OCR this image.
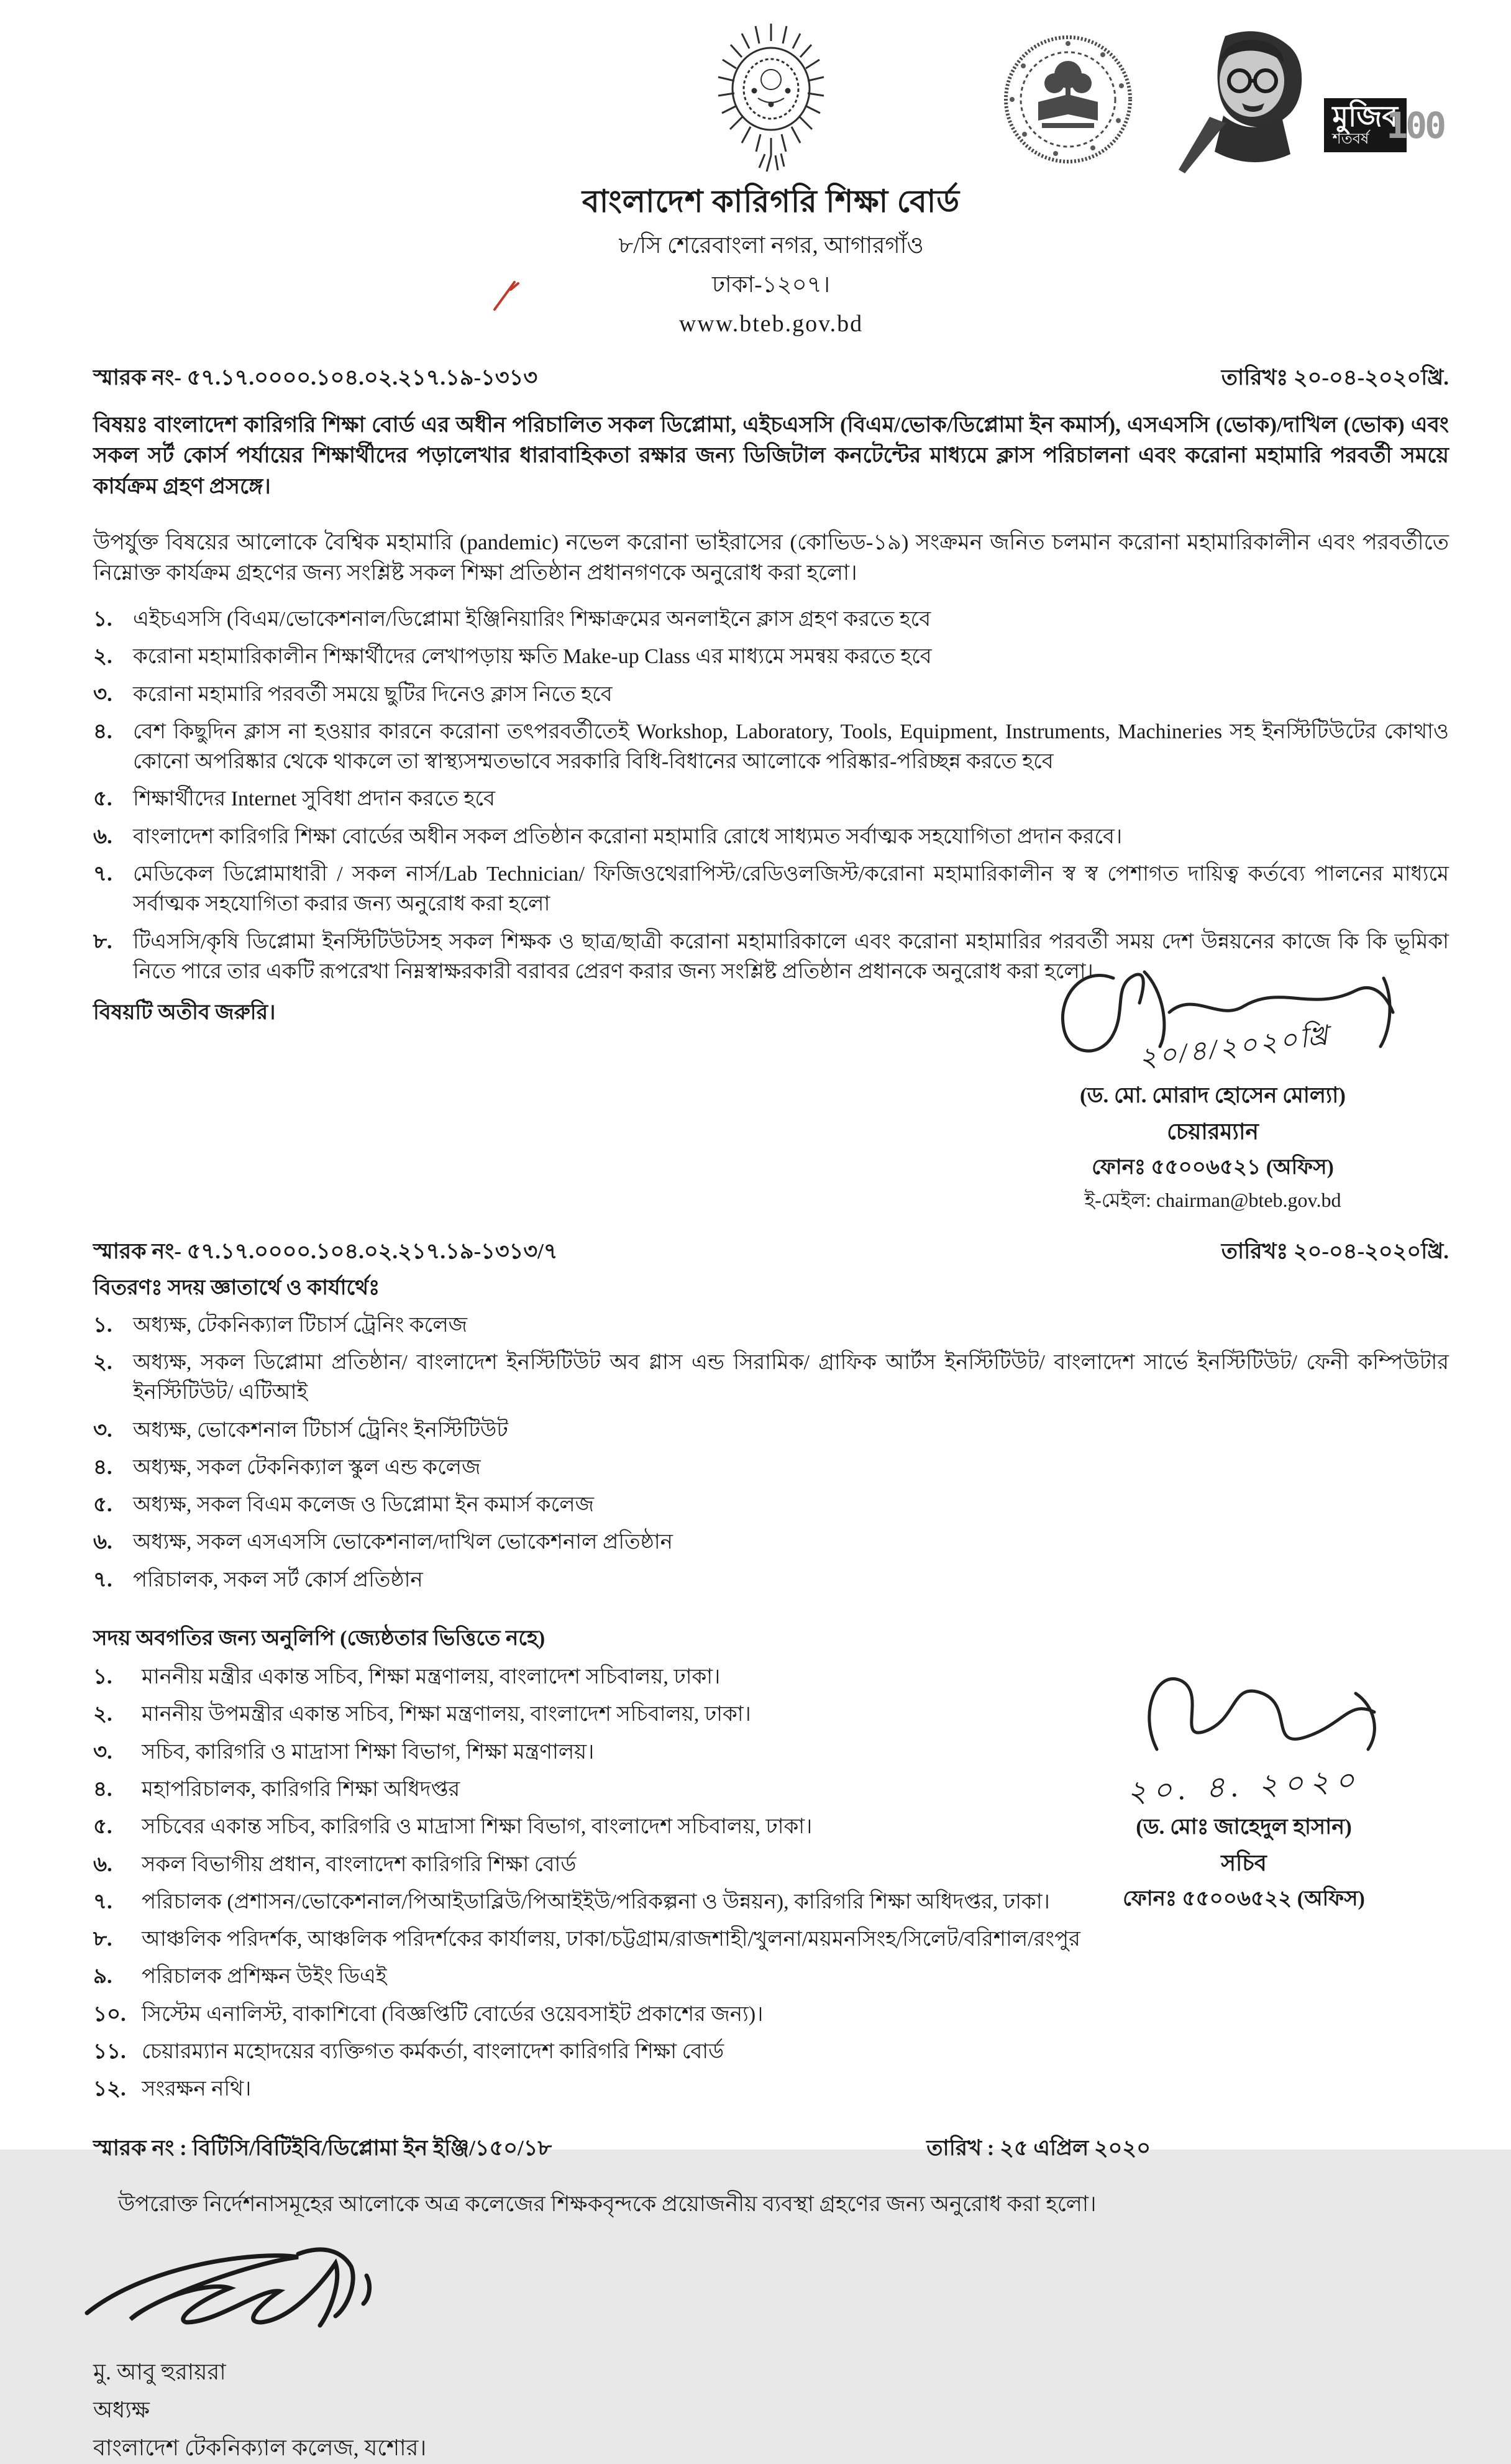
বাংলাদেশ কারিগরি শিক্ষা বোর্ড
৮/সি শেরেবাংলা নগর, আগারগাঁও
ঢাকা-১২০৭।
www.bteb.gov.bd
মুজিব
শতবর্ষ 100
স্মারক নং- ৫৭.১৭.০০০০.১০৪.০২.২১৭.১৯-১৩১৩	তারিখঃ ২০-০৪-২০২০খ্রি.

বিষয়ঃ বাংলাদেশ কারিগরি শিক্ষা বোর্ড এর অধীন পরিচালিত সকল ডিপ্লোমা, এইচএসসি (বিএম/ভোক/ডিপ্লোমা ইন কমার্স), এসএসসি (ভোক)/দাখিল (ভোক) এবং সকল সর্ট কোর্স পর্যায়ের শিক্ষার্থীদের পড়ালেখার ধারাবাহিকতা রক্ষার জন্য ডিজিটাল কনটেন্টের মাধ্যমে ক্লাস পরিচালনা এবং করোনা মহামারি পরবর্তী সময়ে কার্যক্রম গ্রহণ প্রসঙ্গে।

উপর্যুক্ত বিষয়ের আলোকে বৈশ্বিক মহামারি (pandemic) নভেল করোনা ভাইরাসের (কোভিড-১৯) সংক্রমন জনিত চলমান করোনা মহামারিকালীন এবং পরবর্তীতে নিম্নোক্ত কার্যক্রম গ্রহণের জন্য সংশ্লিষ্ট সকল শিক্ষা প্রতিষ্ঠান প্রধানগণকে অনুরোধ করা হলো।

১. এইচএসসি (বিএম/ভোকেশনাল/ডিপ্লোমা ইঞ্জিনিয়ারিং শিক্ষাক্রমের অনলাইনে ক্লাস গ্রহণ করতে হবে
২. করোনা মহামারিকালীন শিক্ষার্থীদের লেখাপড়ায় ক্ষতি Make-up Class এর মাধ্যমে সমন্বয় করতে হবে
৩. করোনা মহামারি পরবর্তী সময়ে ছুটির দিনেও ক্লাস নিতে হবে
৪. বেশ কিছুদিন ক্লাস না হওয়ার কারনে করোনা তৎপরবর্তীতেই Workshop, Laboratory, Tools, Equipment, Instruments, Machineries সহ ইনস্টিটিউটের কোথাও কোনো অপরিষ্কার থেকে থাকলে তা স্বাস্থ্যসম্মতভাবে সরকারি বিধি-বিধানের আলোকে পরিষ্কার-পরিচ্ছন্ন করতে হবে
৫. শিক্ষার্থীদের Internet সুবিধা প্রদান করতে হবে
৬. বাংলাদেশ কারিগরি শিক্ষা বোর্ডের অধীন সকল প্রতিষ্ঠান করোনা মহামারি রোধে সাধ্যমত সর্বাত্মক সহযোগিতা প্রদান করবে।
৭. মেডিকেল ডিপ্লোমাধারী / সকল নার্স/Lab Technician/ ফিজিওথেরাপিস্ট/রেডিওলজিস্ট/করোনা মহামারিকালীন স্ব স্ব পেশাগত দায়িত্ব কর্তব্যে পালনের মাধ্যমে সর্বাত্মক সহযোগিতা করার জন্য অনুরোধ করা হলো
৮. টিএসসি/কৃষি ডিপ্লোমা ইনস্টিটিউটসহ সকল শিক্ষক ও ছাত্র/ছাত্রী করোনা মহামারিকালে এবং করোনা মহামারির পরবর্তী সময় দেশ উন্নয়নের কাজে কি কি ভূমিকা নিতে পারে তার একটি রূপরেখা নিম্নস্বাক্ষরকারী বরাবর প্রেরণ করার জন্য সংশ্লিষ্ট প্রতিষ্ঠান প্রধানকে অনুরোধ করা হলো।

বিষয়টি অতীব জরুরি।

২০/৪/২০২০খ্রি
(ড. মো. মোরাদ হোসেন মোল্যা)
চেয়ারম্যান
ফোনঃ ৫৫০০৬৫২১ (অফিস)
ই-মেইল: chairman@bteb.gov.bd
স্মারক নং- ৫৭.১৭.০০০০.১০৪.০২.২১৭.১৯-১৩১৩/৭	তারিখঃ ২০-০৪-২০২০খ্রি.
বিতরণঃ সদয় জ্ঞাতার্থে ও কার্যার্থেঃ
১. অধ্যক্ষ, টেকনিক্যাল টিচার্স ট্রেনিং কলেজ
২. অধ্যক্ষ, সকল ডিপ্লোমা প্রতিষ্ঠান/ বাংলাদেশ ইনস্টিটিউট অব গ্লাস এন্ড সিরামিক/ গ্রাফিক আর্টস ইনস্টিটিউট/ বাংলাদেশ সার্ভে ইনস্টিটিউট/ ফেনী কম্পিউটার ইনস্টিটিউট/ এটিআই
৩. অধ্যক্ষ, ভোকেশনাল টিচার্স ট্রেনিং ইনস্টিটিউট
৪. অধ্যক্ষ, সকল টেকনিক্যাল স্কুল এন্ড কলেজ
৫. অধ্যক্ষ, সকল বিএম কলেজ ও ডিপ্লোমা ইন কমার্স কলেজ
৬. অধ্যক্ষ, সকল এসএসসি ভোকেশনাল/দাখিল ভোকেশনাল প্রতিষ্ঠান
৭. পরিচালক, সকল সর্ট কোর্স প্রতিষ্ঠান
সদয় অবগতির জন্য অনুলিপি (জ্যেষ্ঠতার ভিত্তিতে নহে)
১.	মাননীয় মন্ত্রীর একান্ত সচিব, শিক্ষা মন্ত্রণালয়, বাংলাদেশ সচিবালয়, ঢাকা।
২.	মাননীয় উপমন্ত্রীর একান্ত সচিব, শিক্ষা মন্ত্রণালয়, বাংলাদেশ সচিবালয়, ঢাকা।
৩.	সচিব, কারিগরি ও মাদ্রাসা শিক্ষা বিভাগ, শিক্ষা মন্ত্রণালয়।
৪.	মহাপরিচালক, কারিগরি শিক্ষা অধিদপ্তর
৫.	সচিবের একান্ত সচিব, কারিগরি ও মাদ্রাসা শিক্ষা বিভাগ, বাংলাদেশ সচিবালয়, ঢাকা।
৬.	সকল বিভাগীয় প্রধান, বাংলাদেশ কারিগরি শিক্ষা বোর্ড
৭.	পরিচালক (প্রশাসন/ভোকেশনাল/পিআইডাব্লিউ/পিআইইউ/পরিকল্পনা ও উন্নয়ন), কারিগরি শিক্ষা অধিদপ্তর, ঢাকা।
৮.	আঞ্চলিক পরিদর্শক, আঞ্চলিক পরিদর্শকের কার্যালয়, ঢাকা/চট্টগ্রাম/রাজশাহী/খুলনা/ময়মনসিংহ/সিলেট/বরিশাল/রংপুর
৯.	পরিচালক প্রশিক্ষন উইং ডিএই
১০. সিস্টেম এনালিস্ট, বাকাশিবো (বিজ্ঞপ্তিটি বোর্ডের ওয়েবসাইট প্রকাশের জন্য)।
১১. চেয়ারম্যান মহোদয়ের ব্যক্তিগত কর্মকর্তা, বাংলাদেশ কারিগরি শিক্ষা বোর্ড
১২. সংরক্ষন নথি।
২০. ৪. ২০২০
(ড. মোঃ জাহেদুল হাসান)
সচিব
ফোনঃ ৫৫০০৬৫২২ (অফিস)
স্মারক নং : বিটিসি/বিটিইবি/ডিপ্লোমা ইন ইঞ্জি/১৫০/১৮	তারিখ : ২৫ এপ্রিল ২০২০

উপরোক্ত নির্দেশনাসমূহের আলোকে অত্র কলেজের শিক্ষকবৃন্দকে প্রয়োজনীয় ব্যবস্থা গ্রহণের জন্য অনুরোধ করা হলো।

মু. আবু হুরায়রা
অধ্যক্ষ
বাংলাদেশ টেকনিক্যাল কলেজ, যশোর।
